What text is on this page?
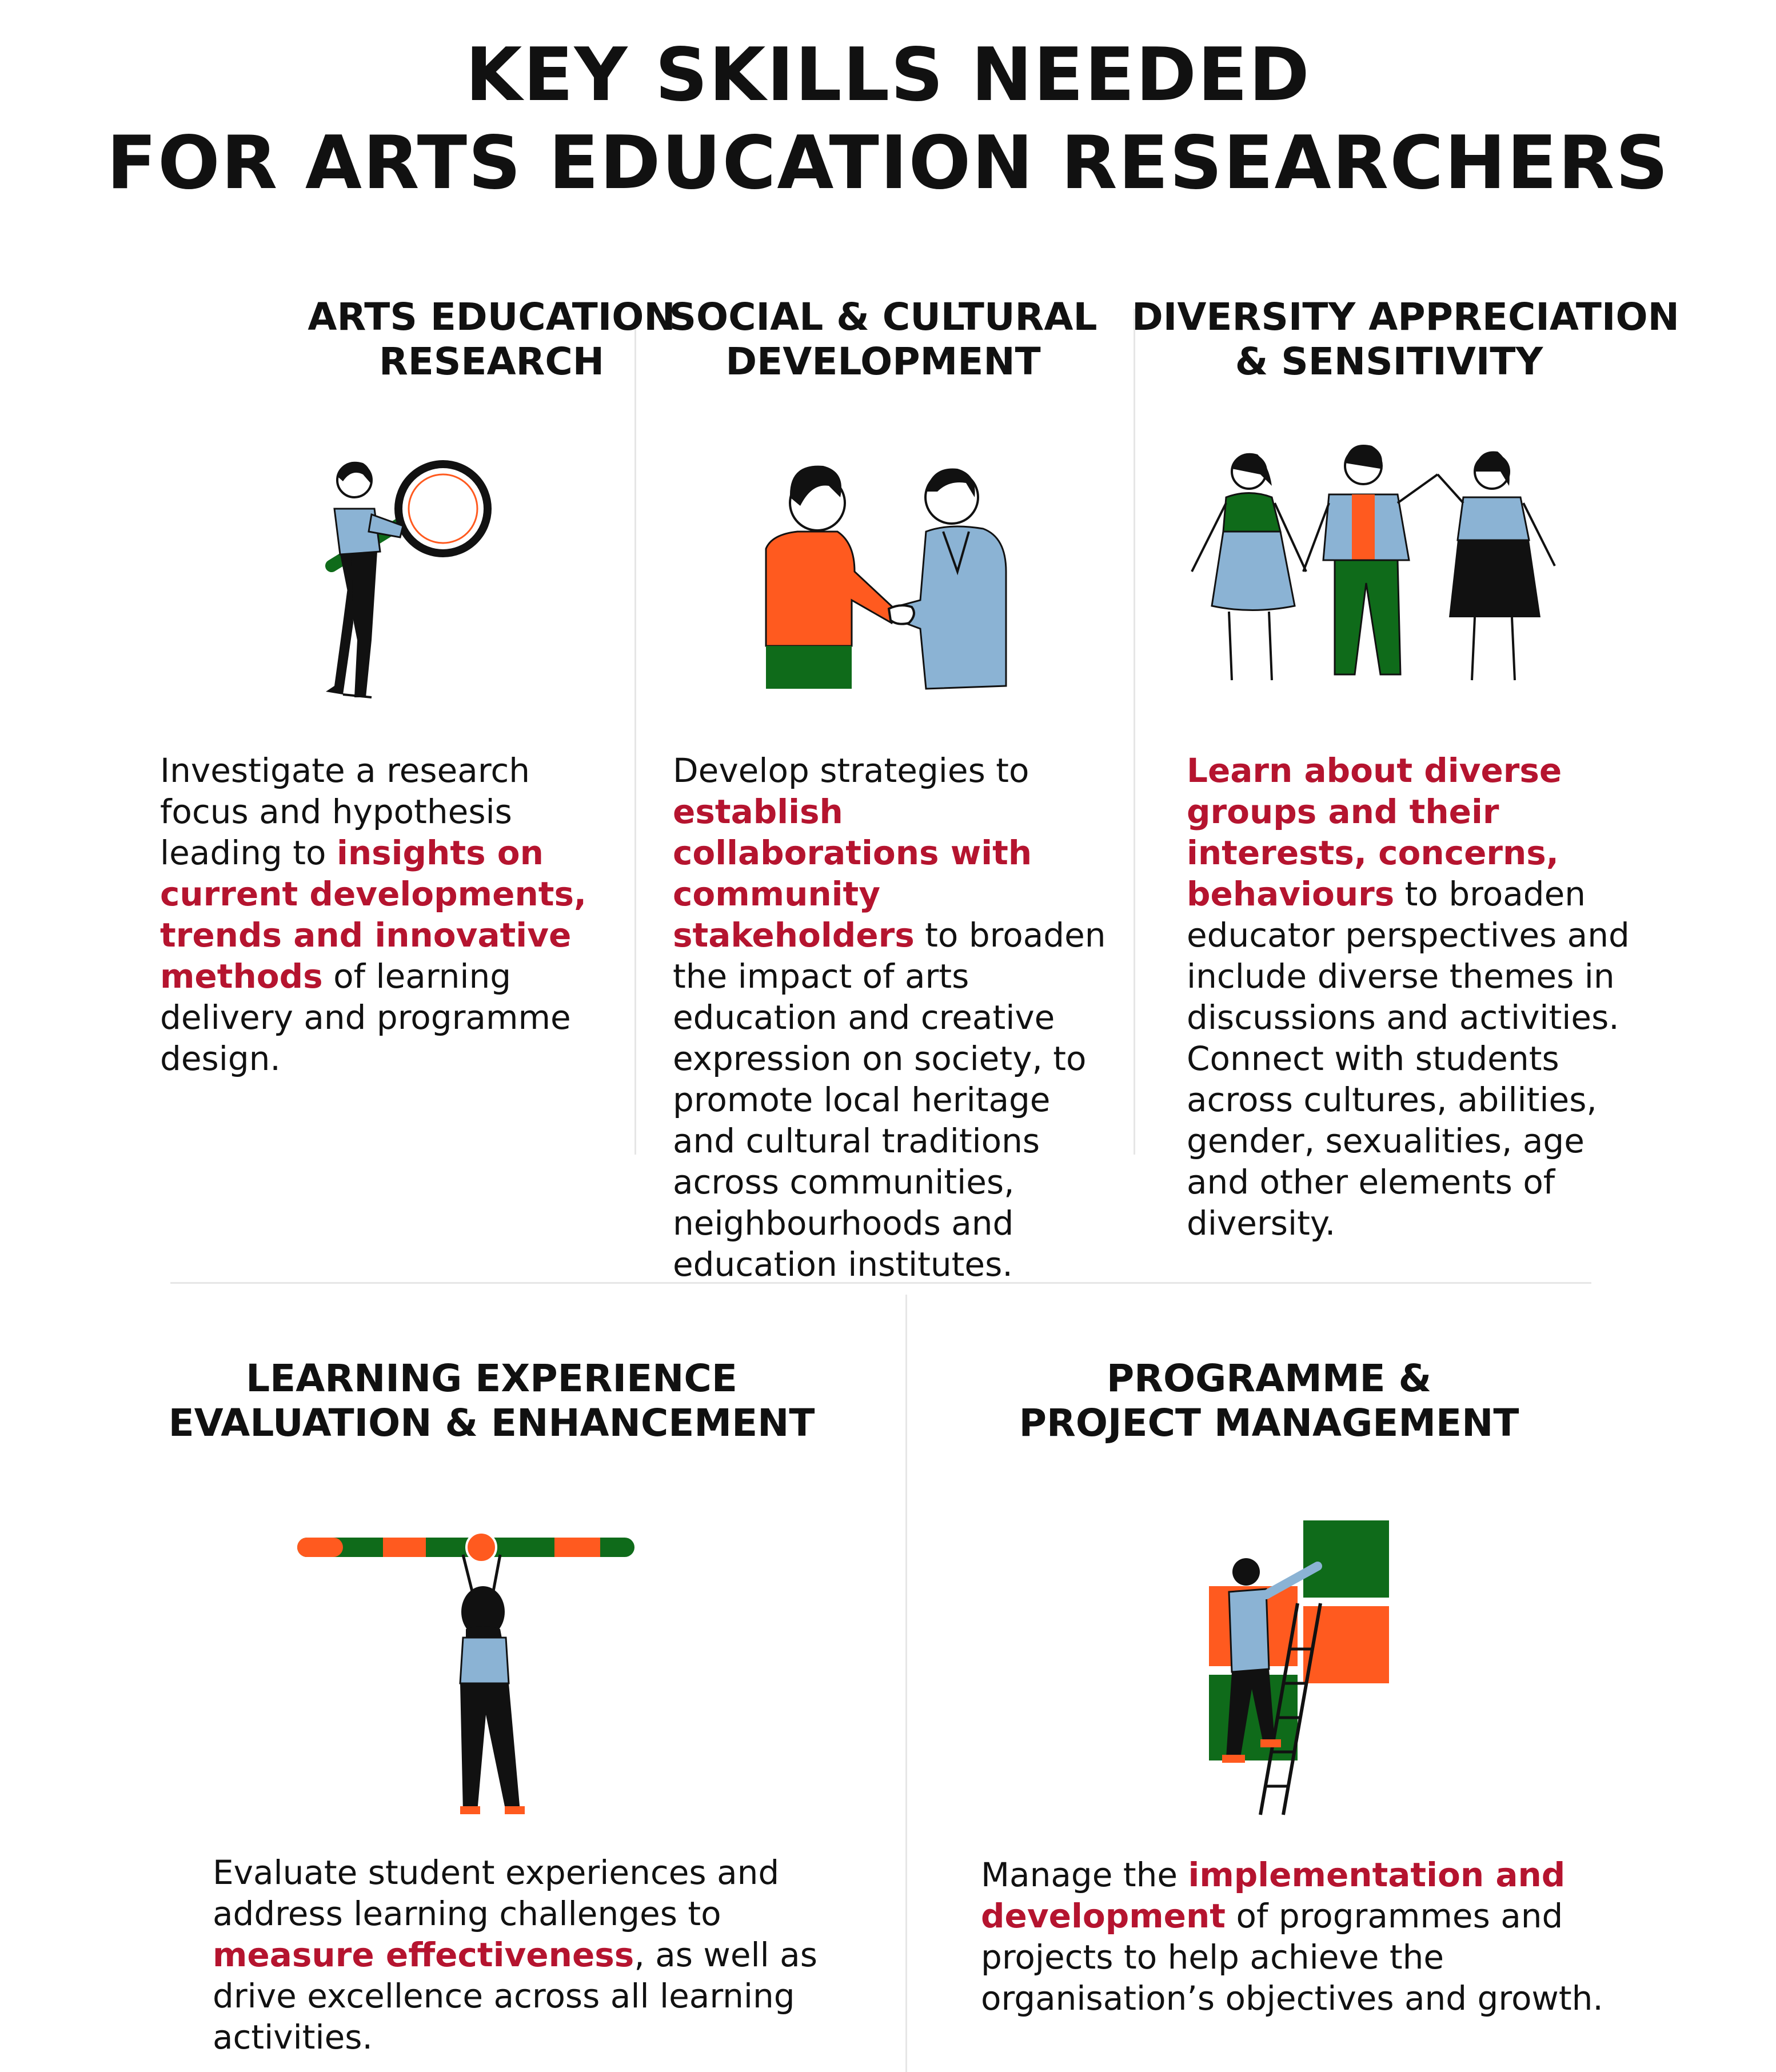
KEY SKILLS NEEDED
FOR ARTS EDUCATION RESEARCHERS
ARTS EDUCATION
RESEARCH

Investigate a research focus and hypothesis leading to insights on current developments, trends and innovative methods of learning delivery and programme design.

SOCIAL & CULTURAL
DEVELOPMENT

Develop strategies to establish collaborations with community stakeholders to broaden the impact of arts education and creative expression on society, to promote local heritage and cultural traditions across communities, neighbourhoods and education institutes.

DIVERSITY APPRECIATION
& SENSITIVITY

Learn about diverse groups and their interests, concerns, behaviours to broaden educator perspectives and include diverse themes in discussions and activities. Connect with students across cultures, abilities, gender, sexualities, age and other elements of diversity.

LEARNING EXPERIENCE
EVALUATION & ENHANCEMENT

Evaluate student experiences and address learning challenges to measure effectiveness, as well as drive excellence across all learning activities.

PROGRAMME &
PROJECT MANAGEMENT

Manage the implementation and development of programmes and projects to help achieve the organisation’s objectives and growth.
